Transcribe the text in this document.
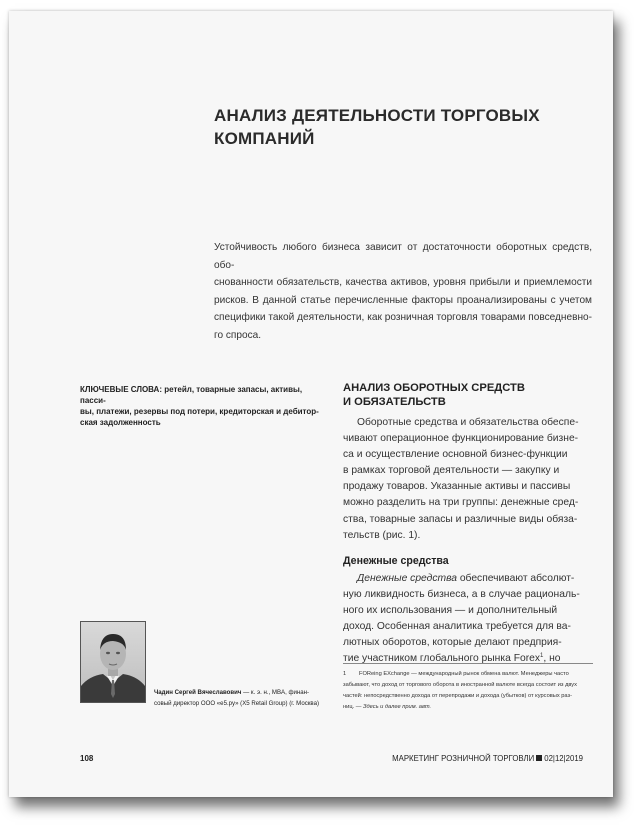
АНАЛИЗ ДЕЯТЕЛЬНОСТИ ТОРГОВЫХ
КОМПАНИЙ
Устойчивость любого бизнеса зависит от достаточности оборотных средств, обо-
снованности обязательств, качества активов, уровня прибыли и приемлемости
рисков. В данной статье перечисленные факторы проанализированы с учетом
специфики такой деятельности, как розничная торговля товарами повседневно-
го спроса.
КЛЮЧЕВЫЕ СЛОВА: ретейл, товарные запасы, активы, пасси-
вы, платежи, резервы под потери, кредиторская и дебитор-
ская задолженность
АНАЛИЗ ОБОРОТНЫХ СРЕДСТВ
И ОБЯЗАТЕЛЬСТВ
Оборотные средства и обязательства обеспе-
чивают операционное функционирование бизне-
са и осуществление основной бизнес-функции
в рамках торговой деятельности — закупку и
продажу товаров. Указанные активы и пассивы
можно разделить на три группы: денежные сред-
ства, товарные запасы и различные виды обяза-
тельств (рис. 1).
Денежные средства
Денежные средства обеспечивают абсолют-
ную ликвидность бизнеса, а в случае рациональ-
ного их использования — и дополнительный
доход. Особенная аналитика требуется для ва-
лютных оборотов, которые делают предприя-
тие участником глобального рынка Forex$^1$, но
1	FOReing EXchange — международный рынок обмена валют. Менеджеры часто
забывают, что доход от торгового оборота в иностранной валюте всегда состоит из двух
частей: непосредственно дохода от перепродажи и дохода (убытков) от курсовых раз-
ниц. — Здесь и далее прим. авт.
Чадин Сергей Вячеславович — к. э. н., MBA, финан-
совый директор ООО «e5.ру» (X5 Retail Group) (г. Москва)
108	МАРКЕТИНГ РОЗНИЧНОЙ ТОРГОВЛИ 02|12|2019
